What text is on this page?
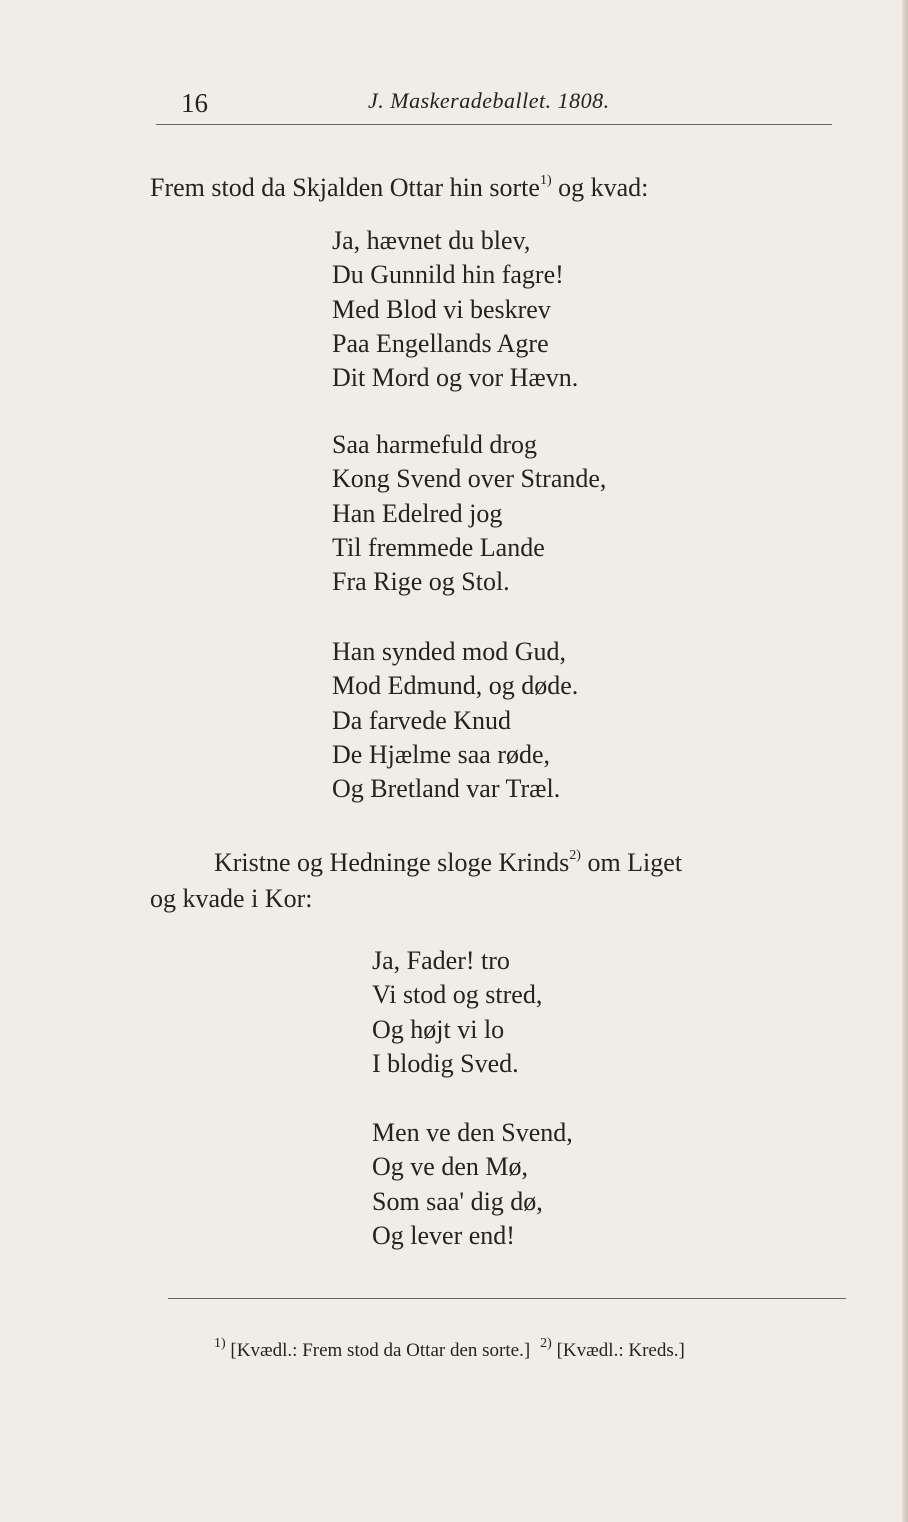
16	J. Maskeradeballet. 1808.

Frem stod da Skjalden Ottar hin sorte$^{1)}$ og kvad:

Ja, hævnet du blev,
Du Gunnild hin fagre!
Med Blod vi beskrev
Paa Engellands Agre
Dit Mord og vor Hævn.
Saa harmefuld drog
Kong Svend over Strande,
Han Edelred jog
Til fremmede Lande
Fra Rige og Stol.
Han synded mod Gud,
Mod Edmund, og døde.
Da farvede Knud
De Hjælme saa røde,
Og Bretland var Træl.

Kristne og Hedninge sloge Krinds$^{2)}$ om Liget

og kvade i Kor:

Ja, Fader! tro
Vi stod og stred,
Og højt vi lo
I blodig Sved.
Men ve den Svend,
Og ve den Mø,
Som saa' dig dø,
Og lever end!
$^{1)}$ [Kvædl.: Frem stod da Ottar den sorte.] $^{2)}$ [Kvædl.: Kreds.]
